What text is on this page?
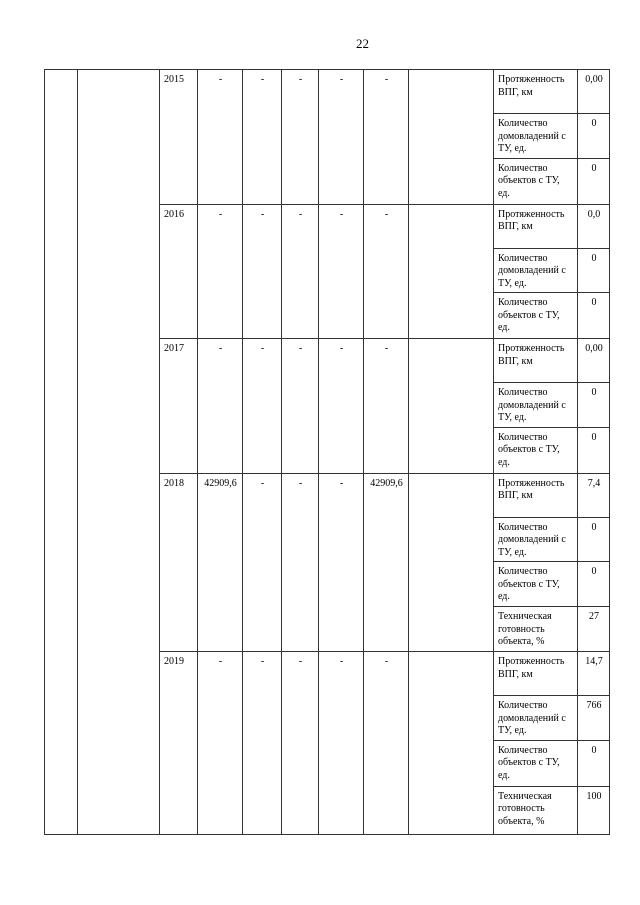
22
		2015	-	-	-	-	-		Протяженность ВПГ, км	0,00
									Количество домовладений с ТУ, ед.	0
									Количество объектов с ТУ, ед.	0
		2016	-	-	-	-	-		Протяженность ВПГ, км	0,0
									Количество домовладений с ТУ, ед.	0
									Количество объектов с ТУ, ед.	0
		2017	-	-	-	-	-		Протяженность ВПГ, км	0,00
									Количество домовладений с ТУ, ед.	0
									Количество объектов с ТУ, ед.	0
		2018	42909,6	-	-	-	42909,6		Протяженность ВПГ, км	7,4
									Количество домовладений с ТУ, ед.	0
									Количество объектов с ТУ, ед.	0
									Техническая готовность объекта, %	27
		2019	-	-	-	-	-		Протяженность ВПГ, км	14,7
									Количество домовладений с ТУ, ед.	766
									Количество объектов с ТУ, ед.	0
									Техническая готовность объекта, %	100
